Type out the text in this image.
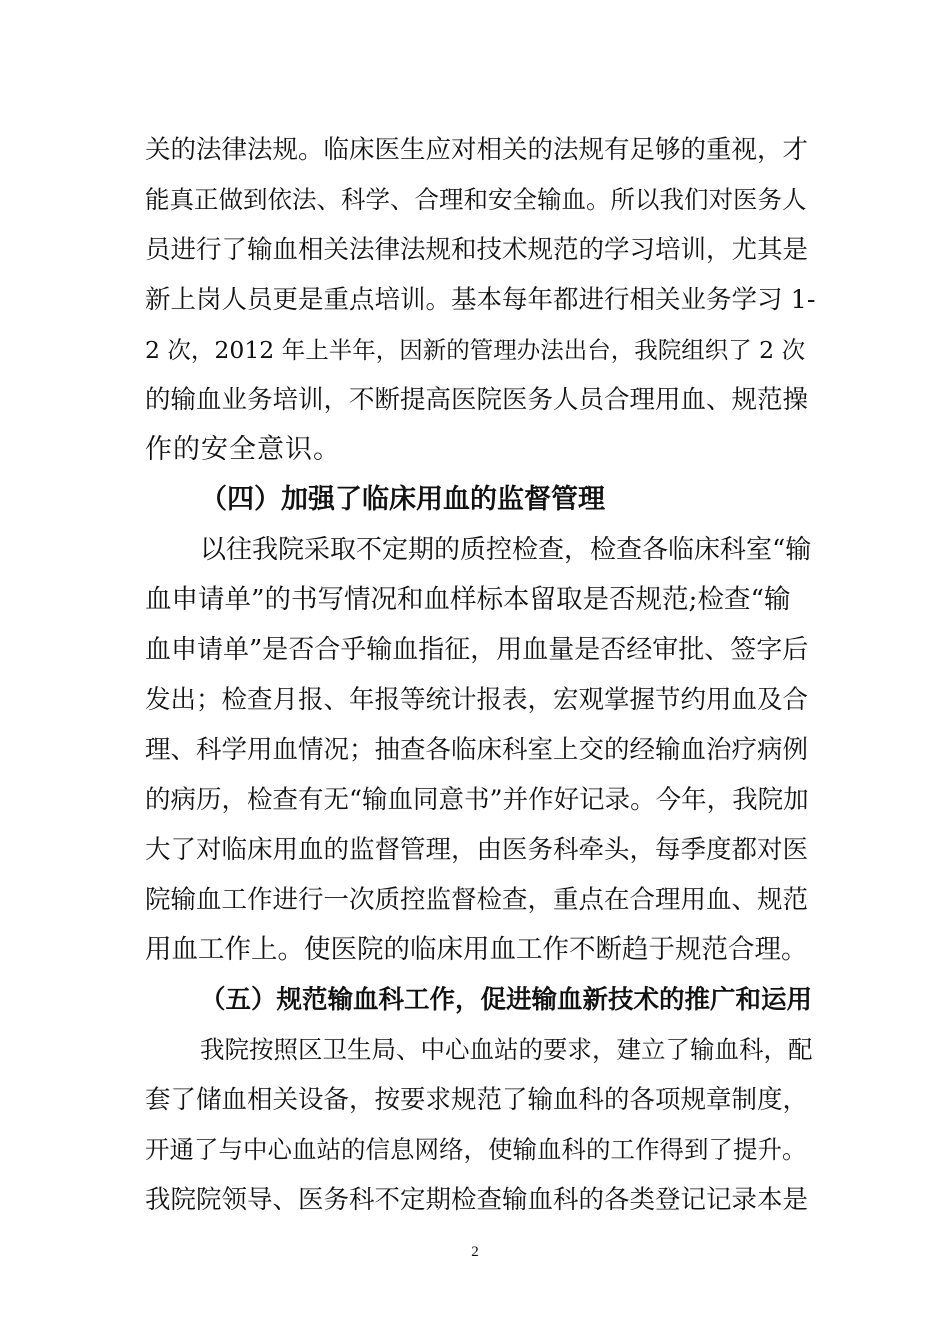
关的法律法规。临床医生应对相关的法规有足够的重视，才
能真正做到依法、科学、合理和安全输血。所以我们对医务人
员进行了输血相关法律法规和技术规范的学习培训，尤其是
新上岗人员更是重点培训。基本每年都进行相关业务学习 1-
2 次，2012 年上半年，因新的管理办法出台，我院组织了 2 次
的输血业务培训，不断提高医院医务人员合理用血、规范操
作的安全意识。
（四）加强了临床用血的监督管理
以往我院采取不定期的质控检查，检查各临床科室“输
血申请单”的书写情况和血样标本留取是否规范;检查“输
血申请单”是否合乎输血指征，用血量是否经审批、签字后
发出；检查月报、年报等统计报表，宏观掌握节约用血及合
理、科学用血情况；抽查各临床科室上交的经输血治疗病例
的病历，检查有无“输血同意书”并作好记录。今年，我院加
大了对临床用血的监督管理，由医务科牵头，每季度都对医
院输血工作进行一次质控监督检查，重点在合理用血、规范
用血工作上。使医院的临床用血工作不断趋于规范合理。
（五）规范输血科工作，促进输血新技术的推广和运用
我院按照区卫生局、中心血站的要求，建立了输血科，配
套了储血相关设备，按要求规范了输血科的各项规章制度，
开通了与中心血站的信息网络，使输血科的工作得到了提升。
我院院领导、医务科不定期检查输血科的各类登记记录本是
2
